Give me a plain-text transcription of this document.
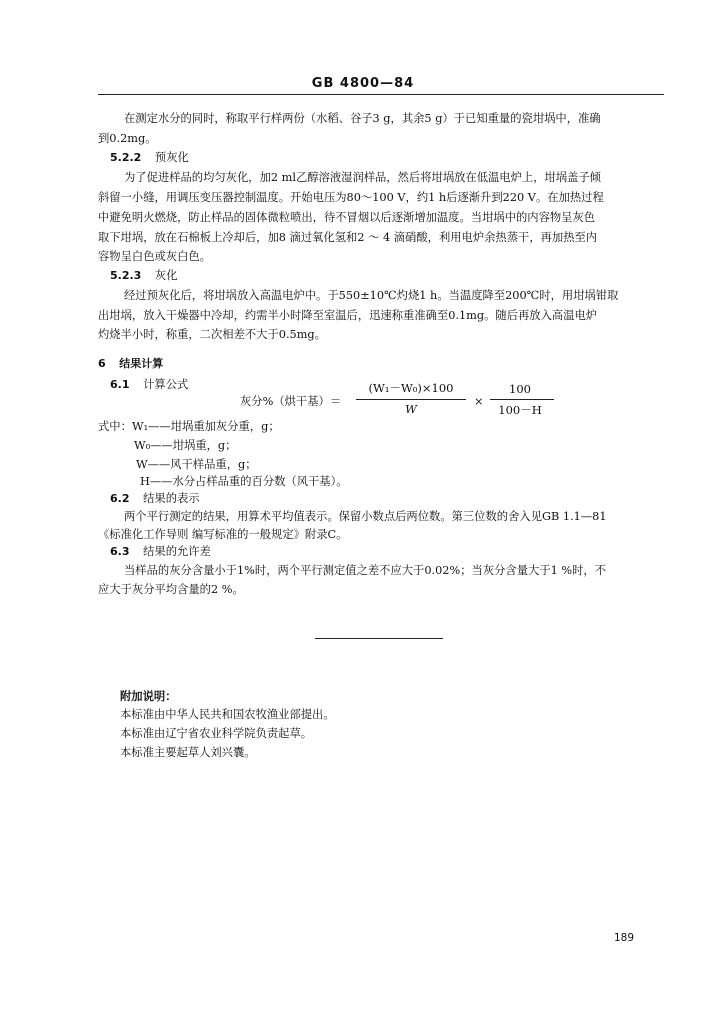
GB 4800—84
在测定水分的同时，称取平行样两份（水稻、谷子3 g，其余5 g）于已知重量的瓷坩埚中，准确
到0.2mg。
5.2.2 预灰化
为了促进样品的均匀灰化，加2 ml乙醇溶液湿润样品，然后将坩埚放在低温电炉上，坩埚盖子倾
斜留一小缝，用调压变压器控制温度。开始电压为80～100 V，约1 h后逐渐升到220 V。在加热过程
中避免明火燃烧，防止样品的固体微粒喷出，待不冒烟以后逐渐增加温度。当坩埚中的内容物呈灰色
取下坩埚，放在石棉板上冷却后，加8 滴过氧化氢和2 ～ 4 滴硝酸，利用电炉余热蒸干，再加热至内
容物呈白色或灰白色。
5.2.3 灰化
经过预灰化后，将坩埚放入高温电炉中。于550±10℃灼烧1 h。当温度降至200℃时，用坩埚钳取
出坩埚，放入干燥器中冷却，约需半小时降至室温后，迅速称重准确至0.1mg。随后再放入高温电炉
灼烧半小时，称重，二次相差不大于0.5mg。
6 结果计算
6.1 计算公式
灰分%（烘干基）＝
(W₁－W₀)×100
W
×
100
100－H
式中： W₁——坩埚重加灰分重，g；
W₀——坩埚重，g；
W——风干样品重，g；
H——水分占样品重的百分数（风干基）。
6.2 结果的表示
两个平行测定的结果，用算术平均值表示。保留小数点后两位数。第三位数的舍入见GB 1.1—81
《标准化工作导则 编写标准的一般规定》附录C。
6.3 结果的允许差
当样品的灰分含量小于1%时，两个平行测定值之差不应大于0.02%；当灰分含量大于1 %时，不
应大于灰分平均含量的2 %。
附加说明：
本标准由中华人民共和国农牧渔业部提出。
本标准由辽宁省农业科学院负责起草。
本标准主要起草人刘兴囊。
189
